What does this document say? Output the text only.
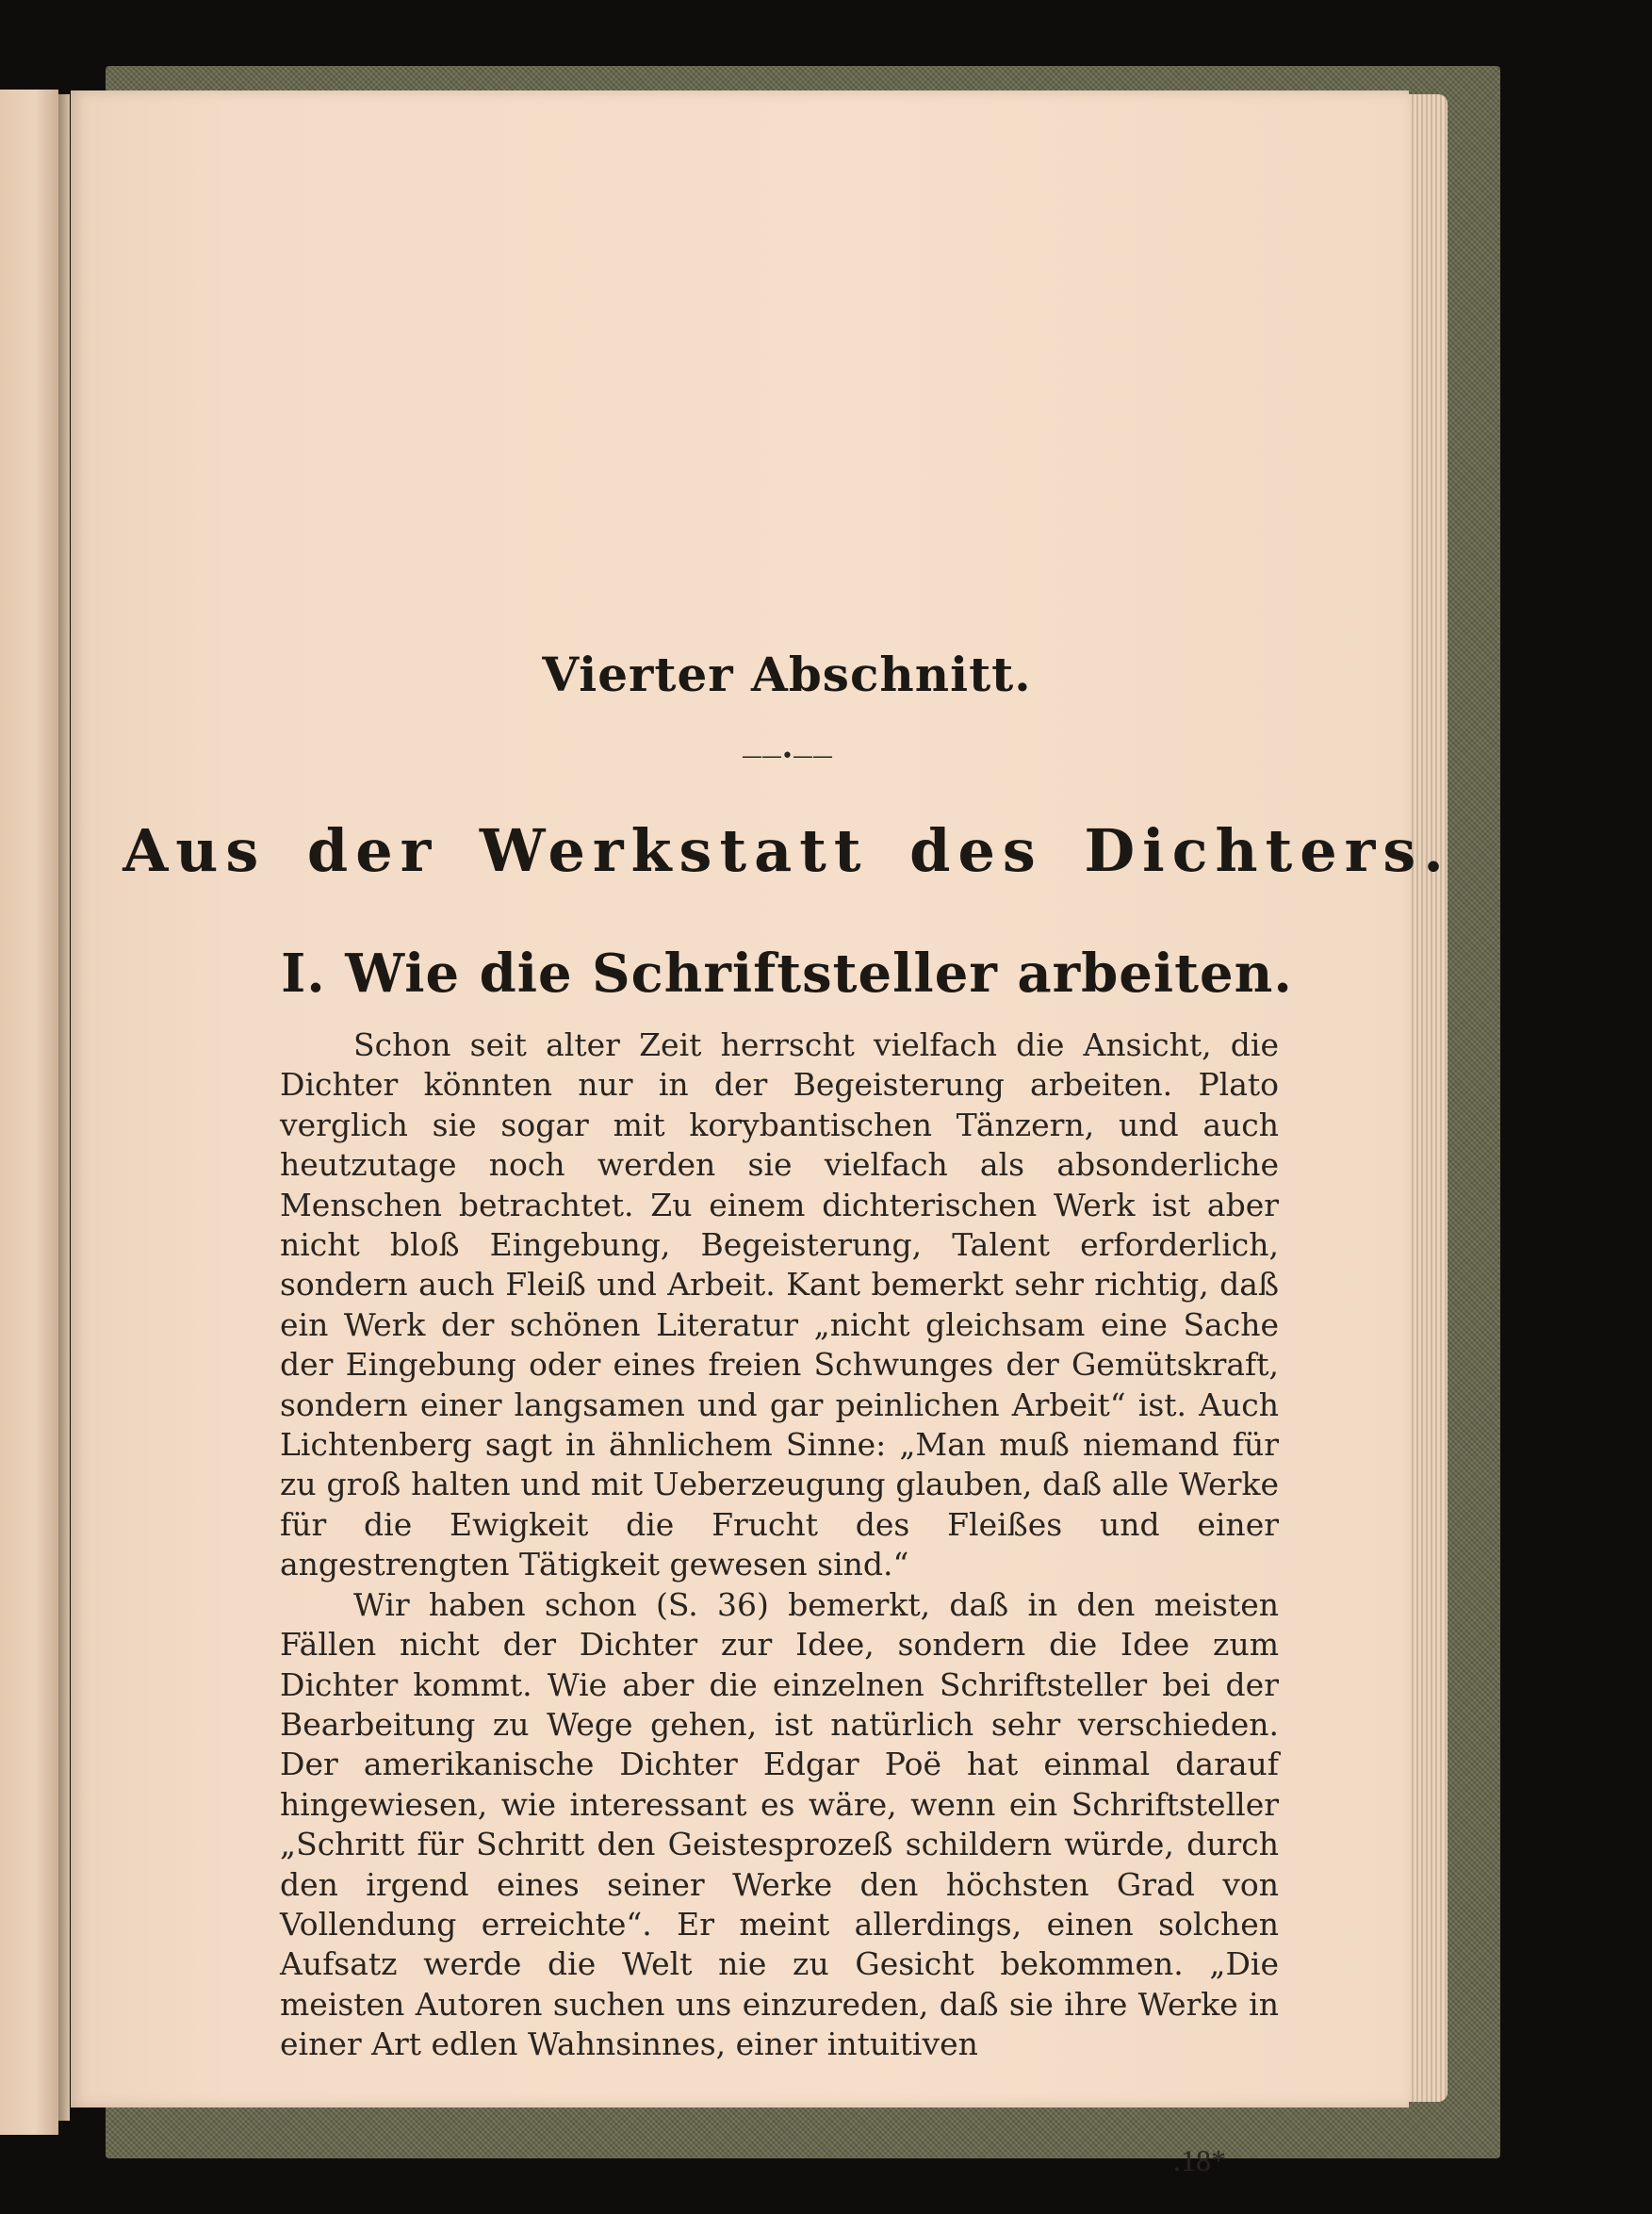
Vierter Abschnitt.
——•——
Aus der Werkstatt des Dichters.
I. Wie die Schriftsteller arbeiten.

Schon seit alter Zeit herrscht vielfach die Ansicht, die Dichter könnten nur in der Begeisterung arbeiten. Plato verglich sie sogar mit korybantischen Tänzern, und auch heutzutage noch werden sie vielfach als absonderliche Menschen betrachtet. Zu einem dichterischen Werk ist aber nicht bloß Eingebung, Begeisterung, Talent erforderlich, sondern auch Fleiß und Arbeit. Kant bemerkt sehr richtig, daß ein Werk der schönen Literatur „nicht gleichsam eine Sache der Eingebung oder eines freien Schwunges der Gemütskraft, sondern einer langsamen und gar peinlichen Arbeit“ ist. Auch Lichtenberg sagt in ähnlichem Sinne: „Man muß niemand für zu groß halten und mit Ueberzeugung glauben, daß alle Werke für die Ewigkeit die Frucht des Fleißes und einer angestrengten Tätigkeit gewesen sind.“

Wir haben schon (S. 36) bemerkt, daß in den meisten Fällen nicht der Dichter zur Idee, sondern die Idee zum Dichter kommt. Wie aber die einzelnen Schriftsteller bei der Bearbeitung zu Wege gehen, ist natürlich sehr verschieden. Der amerikanische Dichter Edgar Poë hat einmal darauf hingewiesen, wie interessant es wäre, wenn ein Schriftsteller „Schritt für Schritt den Geistesprozeß schildern würde, durch den irgend eines seiner Werke den höchsten Grad von Vollendung erreichte“. Er meint allerdings, einen solchen Aufsatz werde die Welt nie zu Gesicht bekommen. „Die meisten Autoren suchen uns einzureden, daß sie ihre Werke in einer Art edlen Wahnsinnes, einer intuitiven

.18*
